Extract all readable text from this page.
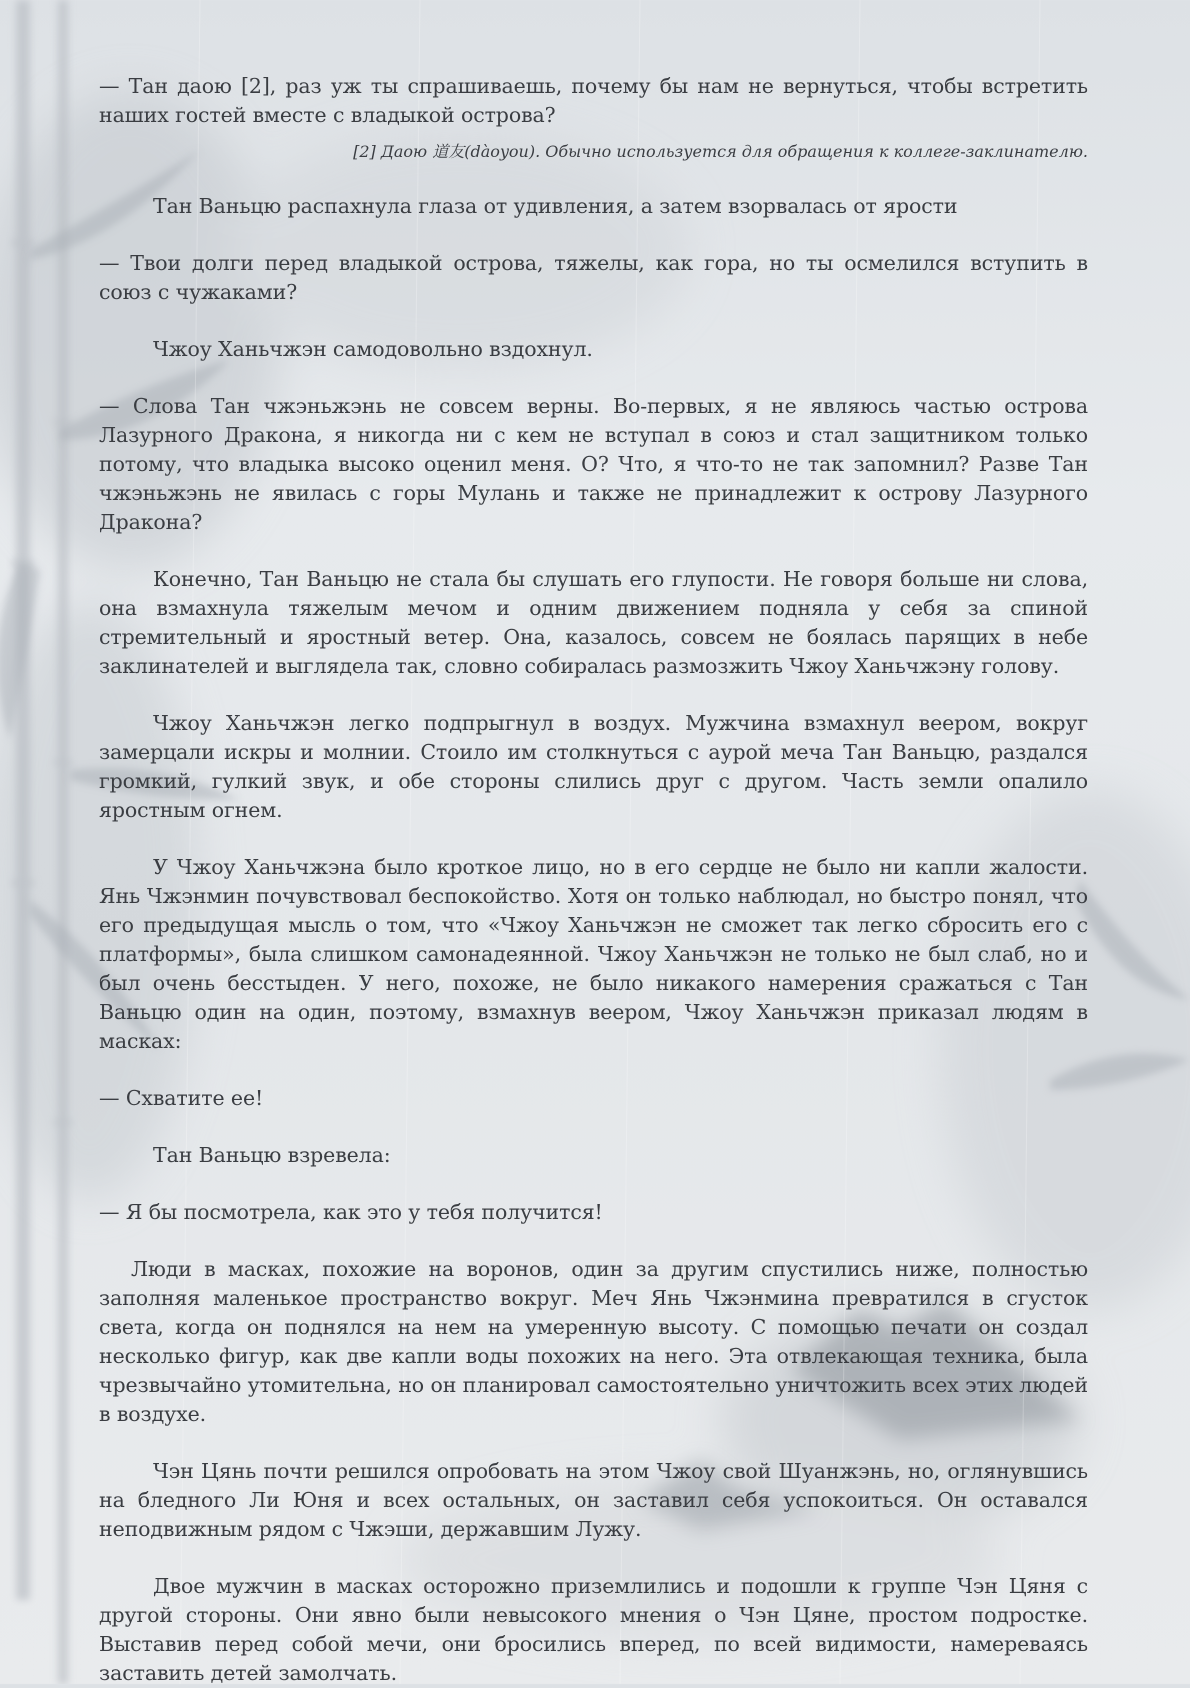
— Тан даою [2], раз уж ты спрашиваешь, почему бы нам не вернуться, чтобы встретить наших гостей вместе с владыкой острова?

[2] Даою 道友(dàoyou). Обычно используется для обращения к коллеге-заклинателю.

Тан Ваньцю распахнула глаза от удивления, а затем взорвалась от ярости

— Твои долги перед владыкой острова, тяжелы, как гора, но ты осмелился вступить в союз с чужаками?

Чжоу Ханьчжэн самодовольно вздохнул.

— Слова Тан чжэньжэнь не совсем верны. Во-первых, я не являюсь частью острова Лазурного Дракона, я никогда ни с кем не вступал в союз и стал защитником только потому, что владыка высоко оценил меня. О? Что, я что-то не так запомнил? Разве Тан чжэньжэнь не явилась с горы Мулань и также не принадлежит к острову Лазурного Дракона?

Конечно, Тан Ваньцю не стала бы слушать его глупости. Не говоря больше ни слова, она взмахнула тяжелым мечом и одним движением подняла у себя за спиной стремительный и яростный ветер. Она, казалось, совсем не боялась парящих в небе заклинателей и выглядела так, словно собиралась размозжить Чжоу Ханьчжэну голову.

Чжоу Ханьчжэн легко подпрыгнул в воздух. Мужчина взмахнул веером, вокруг замерцали искры и молнии. Стоило им столкнуться с аурой меча Тан Ваньцю, раздался громкий, гулкий звук, и обе стороны слились друг с другом. Часть земли опалило яростным огнем.

У Чжоу Ханьчжэна было кроткое лицо, но в его сердце не было ни капли жалости. Янь Чжэнмин почувствовал беспокойство. Хотя он только наблюдал, но быстро понял, что его предыдущая мысль о том, что «Чжоу Ханьчжэн не сможет так легко сбросить его с платформы», была слишком самонадеянной. Чжоу Ханьчжэн не только не был слаб, но и был очень бесстыден. У него, похоже, не было никакого намерения сражаться с Тан Ваньцю один на один, поэтому, взмахнув веером, Чжоу Ханьчжэн приказал людям в масках:

— Схватите ее!

Тан Ваньцю взревела:

— Я бы посмотрела, как это у тебя получится!

Люди в масках, похожие на воронов, один за другим спустились ниже, полностью заполняя маленькое пространство вокруг. Меч Янь Чжэнмина превратился в сгусток света, когда он поднялся на нем на умеренную высоту. С помощью печати он создал несколько фигур, как две капли воды похожих на него. Эта отвлекающая техника, была чрезвычайно утомительна, но он планировал самостоятельно уничтожить всех этих людей в воздухе.

Чэн Цянь почти решился опробовать на этом Чжоу свой Шуанжэнь, но, оглянувшись на бледного Ли Юня и всех остальных, он заставил себя успокоиться. Он оставался неподвижным рядом с Чжэши, державшим Лужу.

Двое мужчин в масках осторожно приземлились и подошли к группе Чэн Цяня с другой стороны. Они явно были невысокого мнения о Чэн Цяне, простом подростке. Выставив перед собой мечи, они бросились вперед, по всей видимости, намереваясь заставить детей замолчать.
